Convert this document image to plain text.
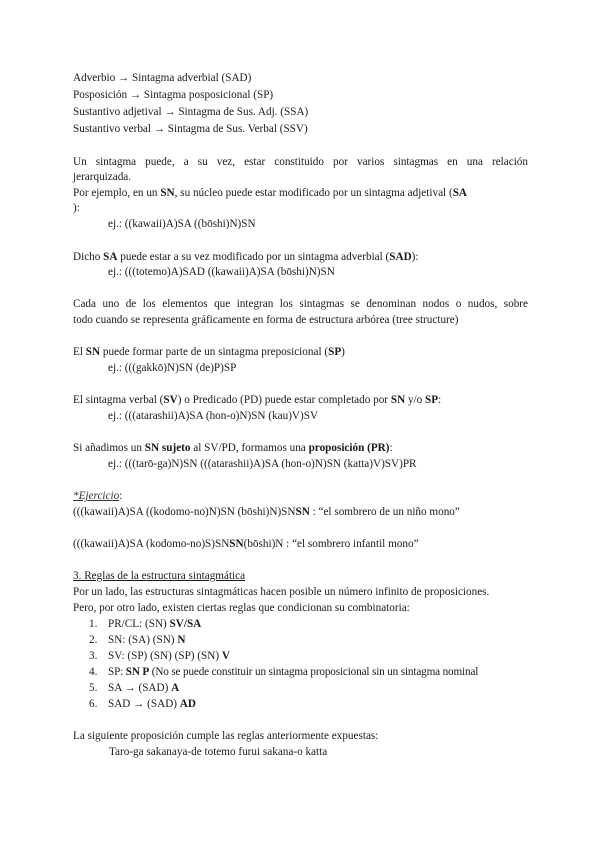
Adverbio → Sintagma adverbial (SAD)
Posposición → Sintagma posposicional (SP)
Sustantivo adjetival → Sintagma de Sus. Adj. (SSA)
Sustantivo verbal → Sintagma de Sus. Verbal (SSV)
Un sintagma puede, a su vez, estar constituido por varios sintagmas en una relación
jerarquizada.
Por ejemplo, en un SN, su núcleo puede estar modificado por un sintagma adjetival (SA
):
ej.: ((kawaii)A)SA ((bōshi)N)SN
Dicho SA puede estar a su vez modificado por un sintagma adverbial (SAD):
ej.: (((totemo)A)SAD ((kawaii)A)SA (bōshi)N)SN
Cada uno de los elementos que integran los sintagmas se denominan nodos o nudos, sobre
todo cuando se representa gráficamente en forma de estructura arbórea (tree structure)
El SN puede formar parte de un sintagma preposicional (SP)
ej.: (((gakkō)N)SN (de)P)SP
El sintagma verbal (SV) o Predicado (PD) puede estar completado por SN y/o SP:
ej.: (((atarashii)A)SA (hon-o)N)SN (kau)V)SV
Si añadimos un SN sujeto al SV/PD, formamos una proposición (PR):
ej.: (((tarō-ga)N)SN (((atarashii)A)SA (hon-o)N)SN (katta)V)SV)PR
*Ejercicio:
(((kawaii)A)SA ((kodomo-no)N)SN (bōshi)N)SNSN : “el sombrero de un niño mono”
(((kawaii)A)SA (kodomo-no)S)SNSN(bōshi)N : “el sombrero infantil mono”
3. Reglas de la estructura sintagmática
Por un lado, las estructuras sintagmáticas hacen posible un número infinito de proposiciones.
Pero, por otro lado, existen ciertas reglas que condicionan su combinatoria:
1. PR/CL: (SN) SV/SA
2. SN: (SA) (SN) N
3. SV: (SP) (SN) (SP) (SN) V
4. SP: SN P (No se puede constituir un sintagma proposicional sin un sintagma nominal
5. SA → (SAD) A
6. SAD → (SAD) AD
La siguiente proposición cumple las reglas anteriormente expuestas:
Taro-ga sakanaya-de totemo furui sakana-o katta
